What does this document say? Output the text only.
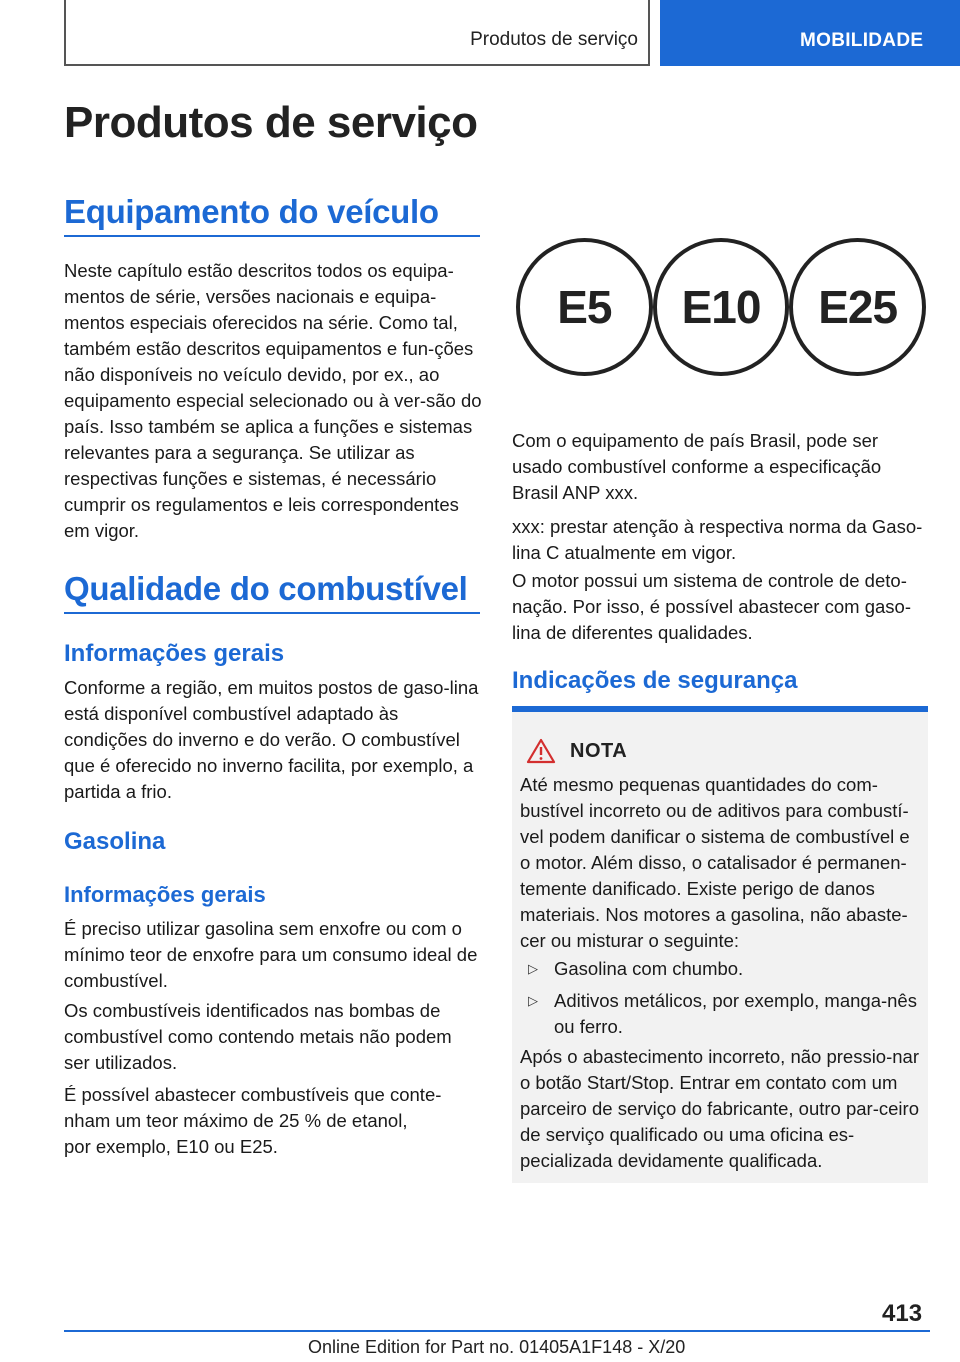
Produtos de serviço	MOBILIDADE
Produtos de serviço
Equipamento do veículo

Neste capítulo estão descritos todos os equipa-mentos de série, versões nacionais e equipa-mentos especiais oferecidos na série. Como tal, também estão descritos equipamentos e fun-ções não disponíveis no veículo devido, por ex., ao equipamento especial selecionado ou à ver-são do país. Isso também se aplica a funções e sistemas relevantes para a segurança. Se utilizar as respectivas funções e sistemas, é necessário cumprir os regulamentos e leis correspondentes em vigor.

Qualidade do combustível
Informações gerais

Conforme a região, em muitos postos de gaso-lina está disponível combustível adaptado às condições do inverno e do verão. O combustível que é oferecido no inverno facilita, por exemplo, a partida a frio.

Gasolina
Informações gerais

É preciso utilizar gasolina sem enxofre ou com o mínimo teor de enxofre para um consumo ideal de combustível.

Os combustíveis identificados nas bombas de combustível como contendo metais não podem ser utilizados.

É possível abastecer combustíveis que conte-nham um teor máximo de 25 % de etanol,

por exemplo, E10 ou E25.

E5	E10	E25

Com o equipamento de país Brasil, pode ser usado combustível conforme a especificação Brasil ANP xxx.

xxx: prestar atenção à respectiva norma da Gaso-lina C atualmente em vigor.

O motor possui um sistema de controle de deto-nação. Por isso, é possível abastecer com gaso-lina de diferentes qualidades.

Indicações de segurança
NOTA

Até mesmo pequenas quantidades do com-bustível incorreto ou de aditivos para combustí-vel podem danificar o sistema de combustível e o motor. Além disso, o catalisador é permanen-temente danificado. Existe perigo de danos materiais. Nos motores a gasolina, não abaste-cer ou misturar o seguinte:

▷ Gasolina com chumbo.
▷ Aditivos metálicos, por exemplo, manga-nês ou ferro.

Após o abastecimento incorreto, não pressio-nar o botão Start/Stop. Entrar em contato com um parceiro de serviço do fabricante, outro par-ceiro de serviço qualificado ou uma oficina es-pecializada devidamente qualificada.

413
Online Edition for Part no. 01405A1F148 - X/20
